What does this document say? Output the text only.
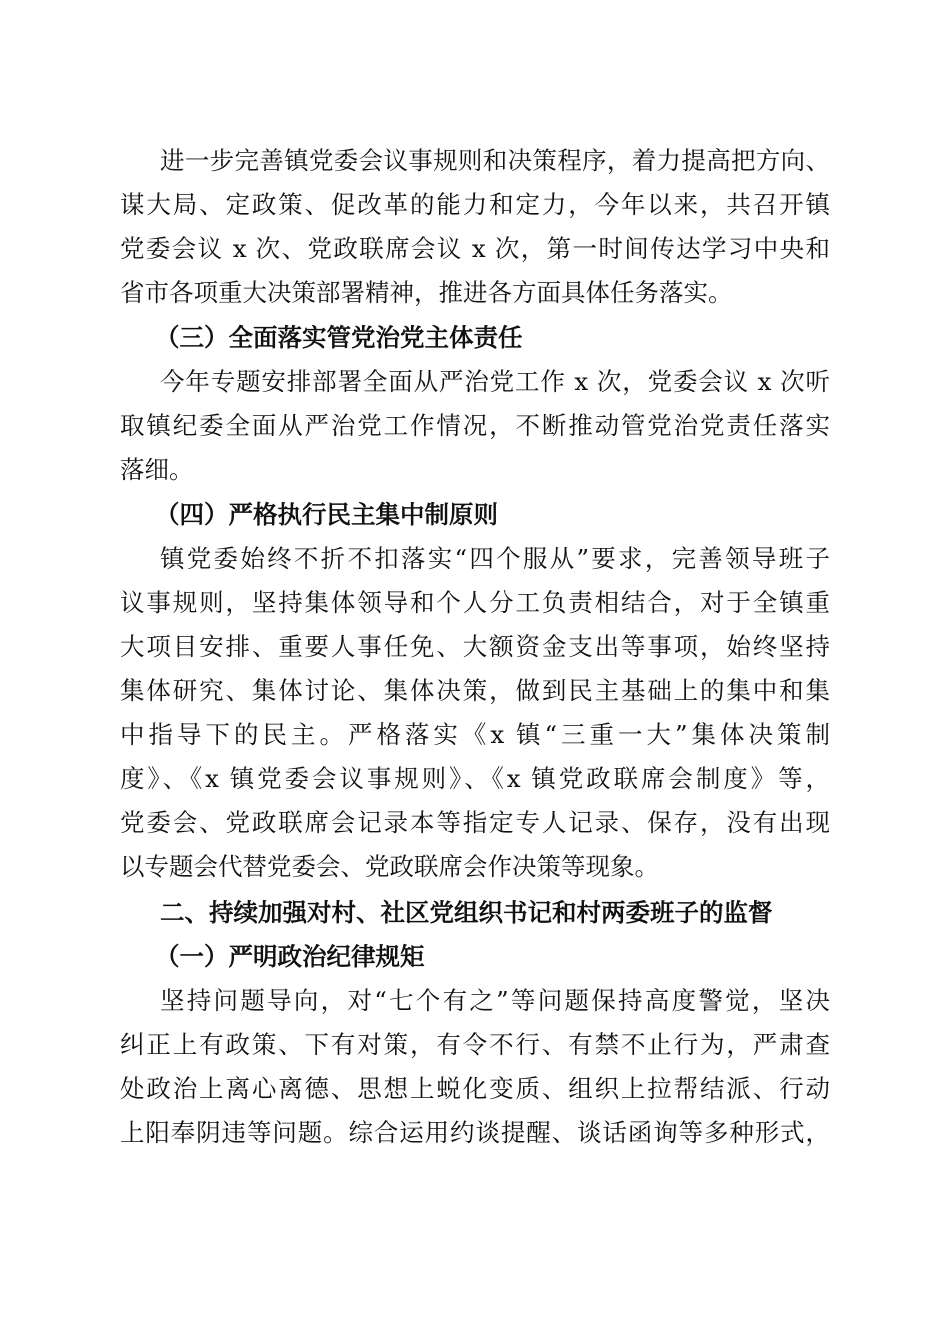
进一步完善镇党委会议事规则和决策程序，着力提高把方向、
谋大局、定政策、促改革的能力和定力，今年以来，共召开镇
党委会议 x 次、党政联席会议 x 次，第一时间传达学习中央和
省市各项重大决策部署精神，推进各方面具体任务落实。
（三）全面落实管党治党主体责任
今年专题安排部署全面从严治党工作 x 次，党委会议 x 次听
取镇纪委全面从严治党工作情况，不断推动管党治党责任落实
落细。
（四）严格执行民主集中制原则
镇党委始终不折不扣落实“四个服从”要求，完善领导班子
议事规则，坚持集体领导和个人分工负责相结合，对于全镇重
大项目安排、重要人事任免、大额资金支出等事项，始终坚持
集体研究、集体讨论、集体决策，做到民主基础上的集中和集
中指导下的民主。严格落实《x 镇“三重一大”集体决策制
度》、《x 镇党委会议事规则》、《x 镇党政联席会制度》等，
党委会、党政联席会记录本等指定专人记录、保存，没有出现
以专题会代替党委会、党政联席会作决策等现象。
二、持续加强对村、社区党组织书记和村两委班子的监督
（一）严明政治纪律规矩
坚持问题导向，对“七个有之”等问题保持高度警觉，坚决
纠正上有政策、下有对策，有令不行、有禁不止行为，严肃查
处政治上离心离德、思想上蜕化变质、组织上拉帮结派、行动
上阳奉阴违等问题。综合运用约谈提醒、谈话函询等多种形式，
